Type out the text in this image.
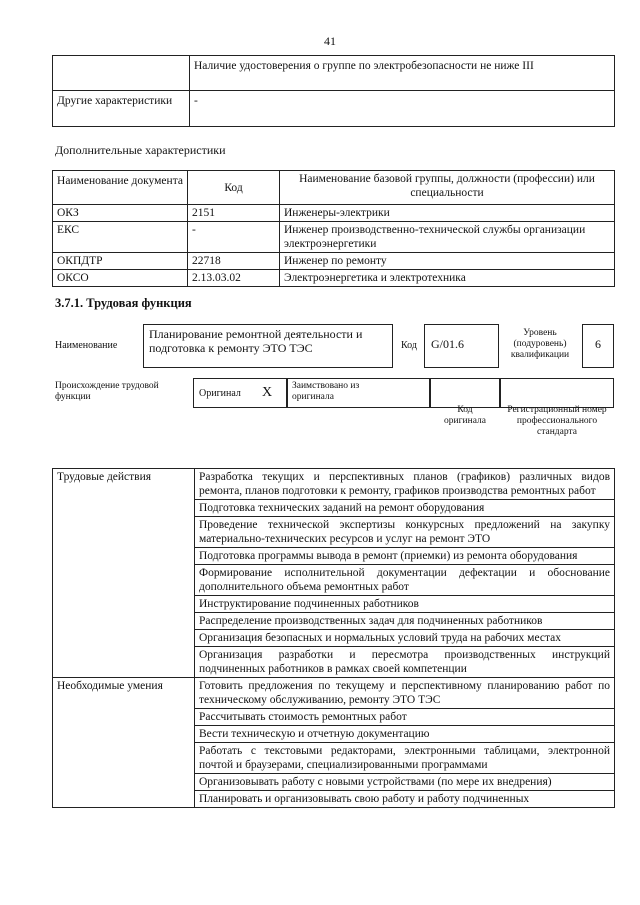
41
	Наличие удостоверения о группе по электробезопасности не ниже III
Другие характеристики	-
Дополнительные характеристики
Наименование документа	Код	Наименование базовой группы, должности (профессии) или специальности
ОКЗ	2151	Инженеры-электрики
ЕКС	-	Инженер производственно-технической службы организации электроэнергетики
ОКПДТР	22718	Инженер по ремонту
ОКСО	2.13.03.02	Электроэнергетика и электротехника
3.7.1. Трудовая функция
Наименование
Планирование ремонтной деятельности и подготовка к ремонту ЭТО ТЭС	Код	G/01.6
Уровень (подуровень) квалификации
6
Происхождение трудовой функции	Оригинал X Заимствовано из оригинала
Код оригинала
Регистрационный номер профессионального стандарта
Трудовые действия	Разработка текущих и перспективных планов (графиков) различных видов ремонта, планов подготовки к ремонту, графиков производства ремонтных работ
	Подготовка технических заданий на ремонт оборудования
	Проведение технической экспертизы конкурсных предложений на закупку материально-технических ресурсов и услуг на ремонт ЭТО
	Подготовка программы вывода в ремонт (приемки) из ремонта оборудования
	Формирование исполнительной документации дефектации и обоснование дополнительного объема ремонтных работ
	Инструктирование подчиненных работников
	Распределение производственных задач для подчиненных работников
	Организация безопасных и нормальных условий труда на рабочих местах
	Организация разработки и пересмотра производственных инструкций подчиненных работников в рамках своей компетенции
Необходимые умения	Готовить предложения по текущему и перспективному планированию работ по техническому обслуживанию, ремонту ЭТО ТЭС
	Рассчитывать стоимость ремонтных работ
	Вести техническую и отчетную документацию
	Работать с текстовыми редакторами, электронными таблицами, электронной почтой и браузерами, специализированными программами
	Организовывать работу с новыми устройствами (по мере их внедрения)
	Планировать и организовывать свою работу и работу подчиненных
